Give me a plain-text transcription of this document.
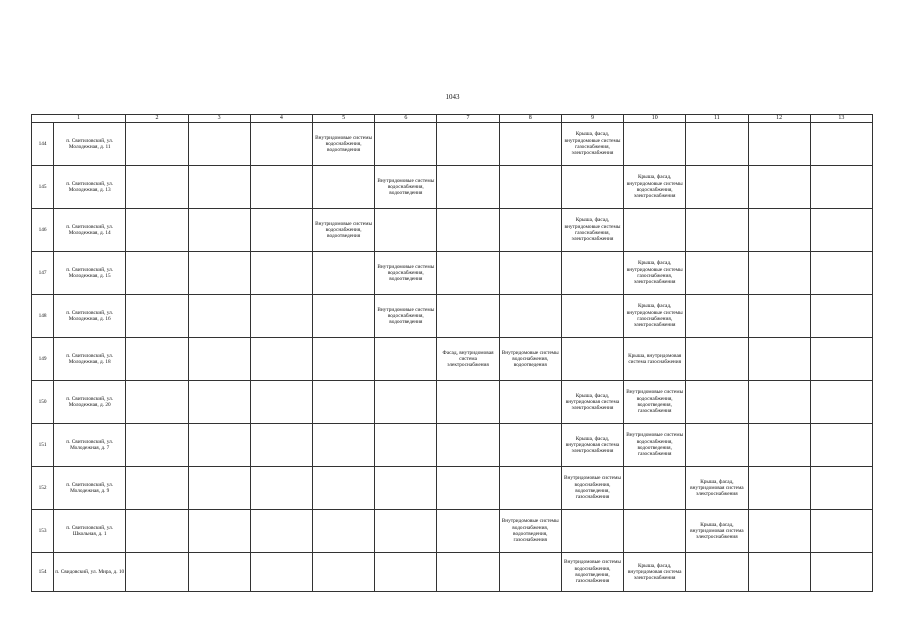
1043
1		2	3	4	5	6	7	8	9	10	11	12	13
144	п. Свитиловский, ул. Молодежная, д. 11				Внутридомовые системы водоснабжения, водоотведения				Крыша, фасад, внутридомовые системы газоснабжения, электроснабжения				
145	п. Свитиловский, ул. Молодежная, д. 13					Внутридомовые системы водоснабжения, водоотведения				Крыша, фасад, внутридомовые системы водоснабжения, электроснабжения			
146	п. Свитиловский, ул. Молодежная, д. 14				Внутридомовые системы водоснабжения, водоотведения				Крыша, фасад, внутридомовые системы газоснабжения, электроснабжения				
147	п. Свитиловский, ул. Молодежная, д. 15					Внутридомовые системы водоснабжения, водоотведения				Крыша, фасад, внутридомовые системы газоснабжения, электроснабжения			
148	п. Свитиловский, ул. Молодежная, д. 16					Внутридомовые системы водоснабжения, водоотведения				Крыша, фасад, внутридомовые системы газоснабжения, электроснабжения			
149	п. Свитиловский, ул. Молодежная, д. 18						Фасад, внутридомовая система электроснабжения	Внутридомовые системы водоснабжения, водоотведения		Крыша, внутридомовая система газоснабжения			
150	п. Свитиловский, ул. Молодежная, д. 20								Крыша, фасад, внутридомовая система электроснабжения	Внутридомовые системы водоснабжения, водоотведения, газоснабжения			
151	п. Свитиловский, ул. Молодежная, д. 7								Крыша, фасад, внутридомовая система электроснабжения	Внутридомовые системы водоснабжения, водоотведения, газоснабжения			
152	п. Свитиловский, ул. Молодежная, д. 9								Внутридомовые системы водоснабжения, водоотведения, газоснабжения		Крыша, фасад, внутридомовая система электроснабжения		
153	п. Свитиловский, ул. Школьная, д. 1							Внутридомовые системы водоснабжения, водоотведения, газоснабжения			Крыша, фасад, внутридомовая система электроснабжения		
154	п. Свидовский, ул. Мира, д. 10								Внутридомовые системы водоснабжения, водоотведения, газоснабжения	Крыша, фасад, внутридомовая система электроснабжения			
